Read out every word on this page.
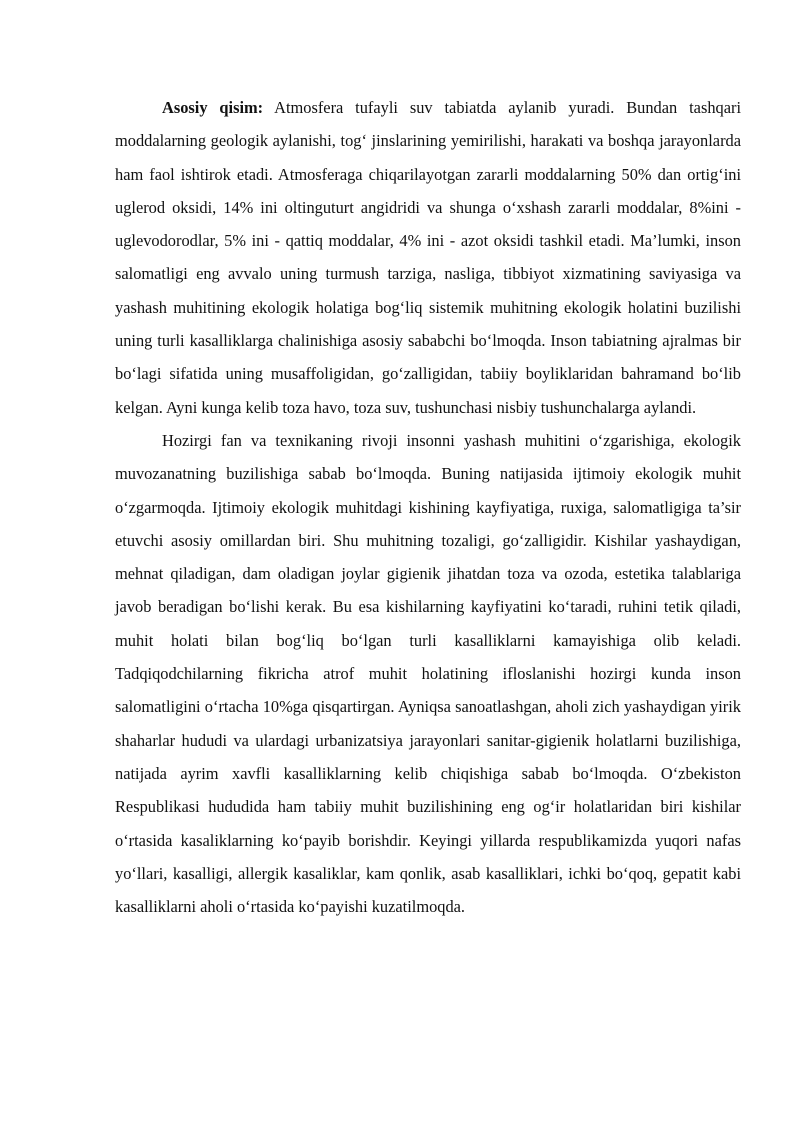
Asosiy qisim: Atmosfera tufayli suv tabiatda aylanib yuradi. Bundan tashqari moddalarning geologik aylanishi, tog‘ jinslarining yemirilishi, harakati va boshqa jarayonlarda ham faol ishtirok etadi. Atmosferaga chiqarilayotgan zararli moddalarning 50% dan ortig‘ini uglerod oksidi, 14% ini oltinguturt angidridi va shunga o‘xshash zararli moddalar, 8%ini - uglevodorodlar, 5% ini - qattiq moddalar, 4% ini - azot oksidi tashkil etadi. Ma’lumki, inson salomatligi eng avvalo uning turmush tarziga, nasliga, tibbiyot xizmatining saviyasiga va yashash muhitining ekologik holatiga bog‘liq sistemik muhitning ekologik holatini buzilishi uning turli kasalliklarga chalinishiga asosiy sababchi bo‘lmoqda. Inson tabiatning ajralmas bir bo‘lagi sifatida uning musaffoligidan, go‘zalligidan, tabiiy boyliklaridan bahramand bo‘lib kelgan. Ayni kunga kelib toza havo, toza suv, tushunchasi nisbiy tushunchalarga aylandi.

Hozirgi fan va texnikaning rivoji insonni yashash muhitini o‘zgarishiga, ekologik muvozanatning buzilishiga sabab bo‘lmoqda. Buning natijasida ijtimoiy ekologik muhit o‘zgarmoqda. Ijtimoiy ekologik muhitdagi kishining kayfiyatiga, ruxiga, salomatligiga ta’sir etuvchi asosiy omillardan biri. Shu muhitning tozaligi, go‘zalligidir. Kishilar yashaydigan, mehnat qiladigan, dam oladigan joylar gigienik jihatdan toza va ozoda, estetika talablariga javob beradigan bo‘lishi kerak. Bu esa kishilarning kayfiyatini ko‘taradi, ruhini tetik qiladi, muhit holati bilan bog‘liq bo‘lgan turli kasalliklarni kamayishiga olib keladi. Tadqiqodchilarning fikricha atrof muhit holatining ifloslanishi hozirgi kunda inson salomatligini o‘rtacha 10%ga qisqartirgan. Ayniqsa sanoatlashgan, aholi zich yashaydigan yirik shaharlar hududi va ulardagi urbanizatsiya jarayonlari sanitar-gigienik holatlarni buzilishiga, natijada ayrim xavfli kasalliklarning kelib chiqishiga sabab bo‘lmoqda. O‘zbekiston Respublikasi hududida ham tabiiy muhit buzilishining eng og‘ir holatlaridan biri kishilar o‘rtasida kasaliklarning ko‘payib borishdir. Keyingi yillarda respublikamizda yuqori nafas yo‘llari, kasalligi, allergik kasaliklar, kam qonlik, asab kasalliklari, ichki bo‘qoq, gepatit kabi kasalliklarni aholi o‘rtasida ko‘payishi kuzatilmoqda.
